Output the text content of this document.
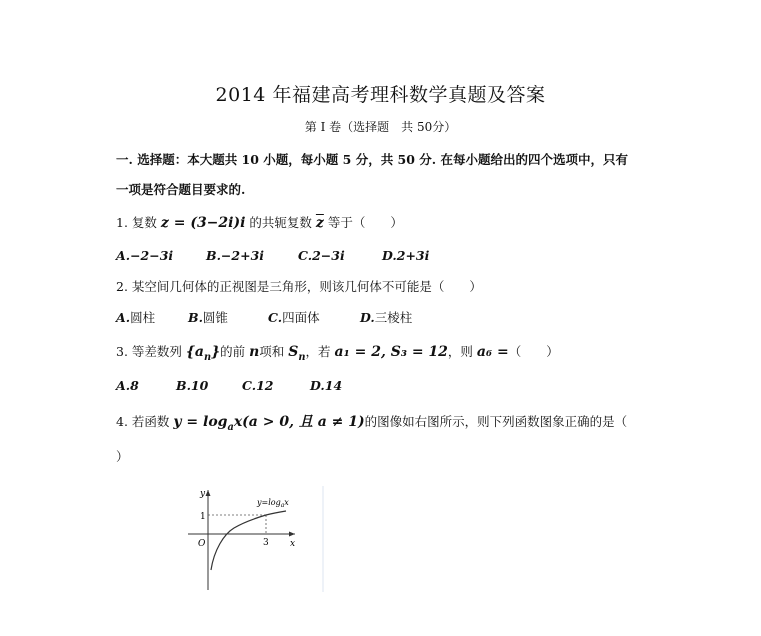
2014 年福建高考理科数学真题及答案
第 I 卷（选择题　共 50分）
一. 选择题：本大题共 10 小题，每小题 5 分，共 50 分. 在每小题给出的四个选项中，只有
一项是符合题目要求的.
1. 复数 z = (3−2i)i 的共轭复数 $\overline{z}$ 等于（　　）
A.−2−3i	B.−2+3i	C.2−3i	D.2+3i
2. 某空间几何体的正视图是三角形，则该几何体不可能是（　　）
A.圆柱	B.圆锥	C.四面体	D.三棱柱
3. 等差数列 $\{a_n\}$的前 n项和 $S_n$，若 a₁ = 2, S₃ = 12，则 a₆ =（　　）
A.8	B.10	C.12	D.14
4. 若函数 $y = \log_ax(a > 0$, 且 a ≠ 1)的图像如右图所示，则下列函数图象正确的是（
）
y
x
O
1
3
$y=\log_ax$
